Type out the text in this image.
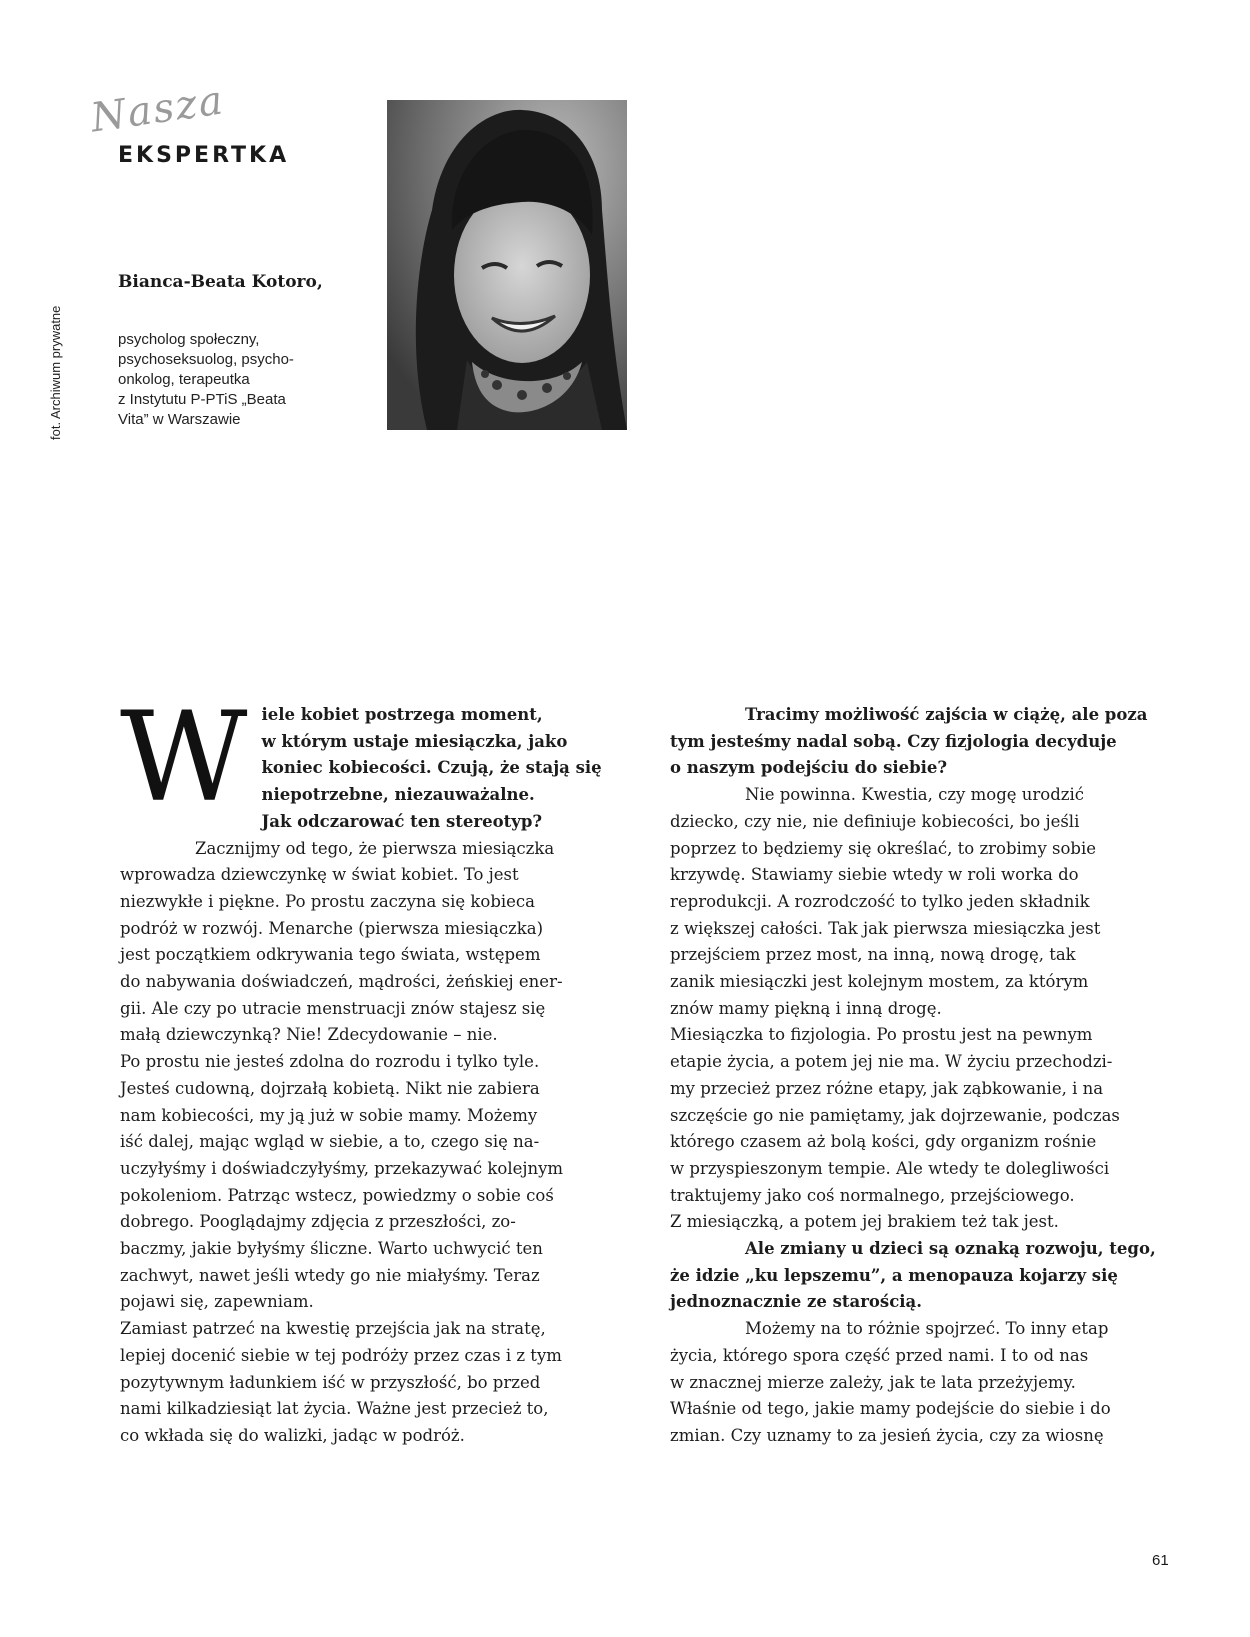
Nasza
EKSPERTKA
fot. Archiwum prywatne
Bianca-Beata Kotoro,
psycholog społeczny,
psychoseksuolog, psycho-
onkolog, terapeutka
z Instytutu P-PTiS „Beata
Vita” w Warszawie
W iele kobiet postrzega moment,
w którym ustaje miesiączka, jako
koniec kobiecości. Czują, że stają się
niepotrzebne, niezauważalne.
Jak odczarować ten stereotyp?

Zacznijmy od tego, że pierwsza miesiączka
wprowadza dziewczynkę w świat kobiet. To jest
niezwykłe i piękne. Po prostu zaczyna się kobieca
podróż w rozwój. Menarche (pierwsza miesiączka)
jest początkiem odkrywania tego świata, wstępem
do nabywania doświadczeń, mądrości, żeńskiej ener-
gii. Ale czy po utracie menstruacji znów stajesz się
małą dziewczynką? Nie! Zdecydowanie – nie.
Po prostu nie jesteś zdolna do rozrodu i tylko tyle.
Jesteś cudowną, dojrzałą kobietą. Nikt nie zabiera
nam kobiecości, my ją już w sobie mamy. Możemy
iść dalej, mając wgląd w siebie, a to, czego się na-
uczyłyśmy i doświadczyłyśmy, przekazywać kolejnym
pokoleniom. Patrząc wstecz, powiedzmy o sobie coś
dobrego. Pooglądajmy zdjęcia z przeszłości, zo-
baczmy, jakie byłyśmy śliczne. Warto uchwycić ten
zachwyt, nawet jeśli wtedy go nie miałyśmy. Teraz
pojawi się, zapewniam.
Zamiast patrzeć na kwestię przejścia jak na stratę,
lepiej docenić siebie w tej podróży przez czas i z tym
pozytywnym ładunkiem iść w przyszłość, bo przed
nami kilkadziesiąt lat życia. Ważne jest przecież to,
co wkłada się do walizki, jadąc w podróż.

Tracimy możliwość zajścia w ciążę, ale poza
tym jesteśmy nadal sobą. Czy fizjologia decyduje
o naszym podejściu do siebie?

Nie powinna. Kwestia, czy mogę urodzić
dziecko, czy nie, nie definiuje kobiecości, bo jeśli
poprzez to będziemy się określać, to zrobimy sobie
krzywdę. Stawiamy siebie wtedy w roli worka do
reprodukcji. A rozrodczość to tylko jeden składnik
z większej całości. Tak jak pierwsza miesiączka jest
przejściem przez most, na inną, nową drogę, tak
zanik miesiączki jest kolejnym mostem, za którym
znów mamy piękną i inną drogę.
Miesiączka to fizjologia. Po prostu jest na pewnym
etapie życia, a potem jej nie ma. W życiu przechodzi-
my przecież przez różne etapy, jak ząbkowanie, i na
szczęście go nie pamiętamy, jak dojrzewanie, podczas
którego czasem aż bolą kości, gdy organizm rośnie
w przyspieszonym tempie. Ale wtedy te dolegliwości
traktujemy jako coś normalnego, przejściowego.
Z miesiączką, a potem jej brakiem też tak jest.

Ale zmiany u dzieci są oznaką rozwoju, tego,
że idzie „ku lepszemu”, a menopauza kojarzy się
jednoznacznie ze starością.

Możemy na to różnie spojrzeć. To inny etap
życia, którego spora część przed nami. I to od nas
w znacznej mierze zależy, jak te lata przeżyjemy.
Właśnie od tego, jakie mamy podejście do siebie i do
zmian. Czy uznamy to za jesień życia, czy za wiosnę

61
